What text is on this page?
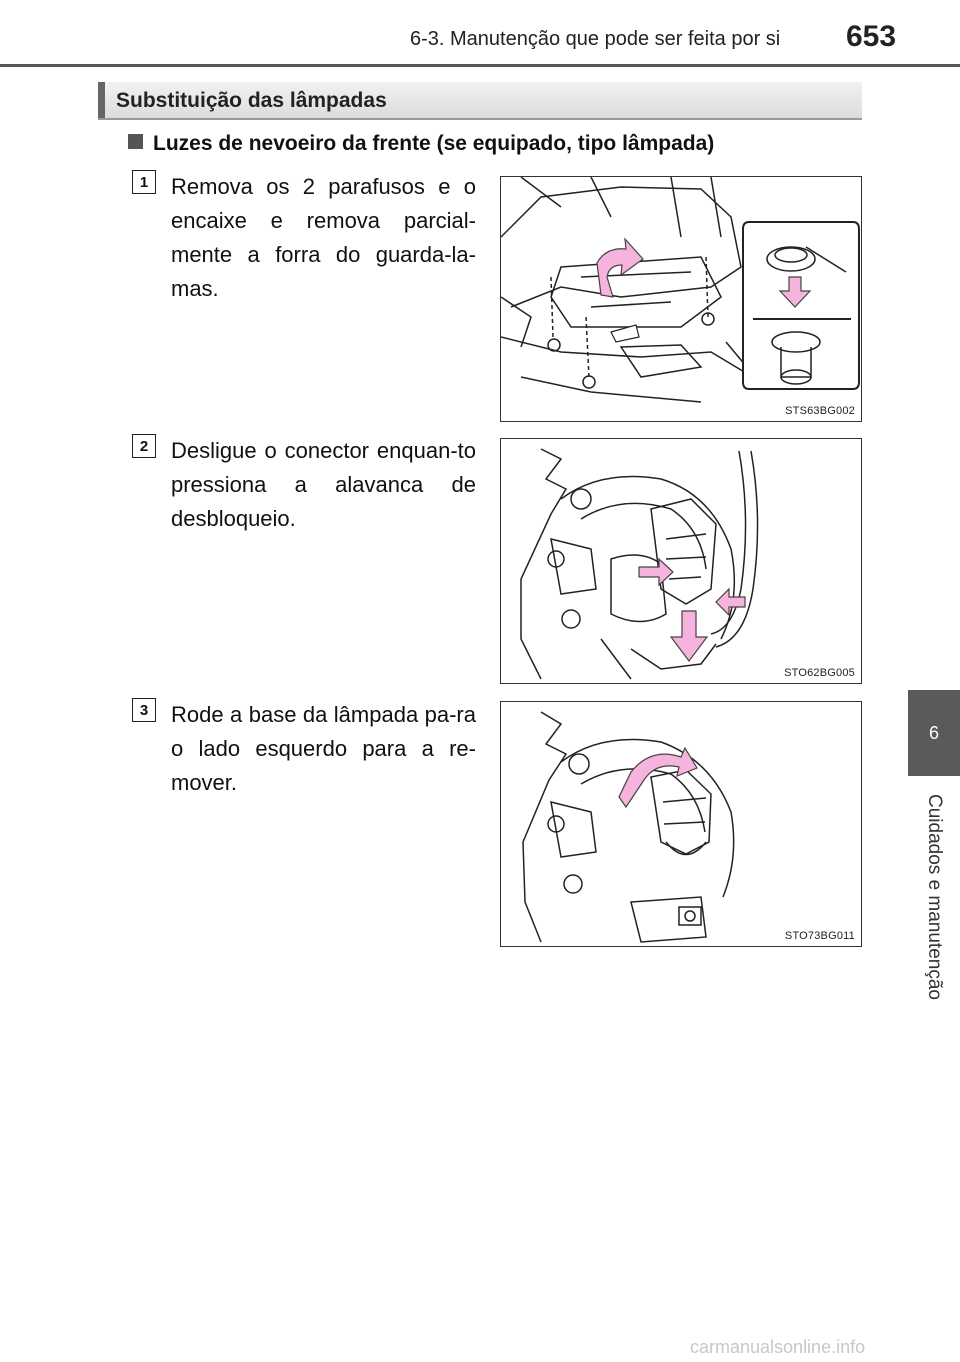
6-3. Manutenção que pode ser feita por si 653
6
Cuidados e manutenção
Substituição das lâmpadas
Luzes de nevoeiro da frente (se equipado, tipo lâmpada)
1	Remova os 2 parafusos e o encaixe e remova parcial-mente a forra do guarda-la-mas.
STS63BG002
2	Desligue o conector enquan-to pressiona a alavanca de desbloqueio.
STO62BG005
3	Rode a base da lâmpada pa-ra o lado esquerdo para a re-mover.
STO73BG011
carmanualsonline.info
